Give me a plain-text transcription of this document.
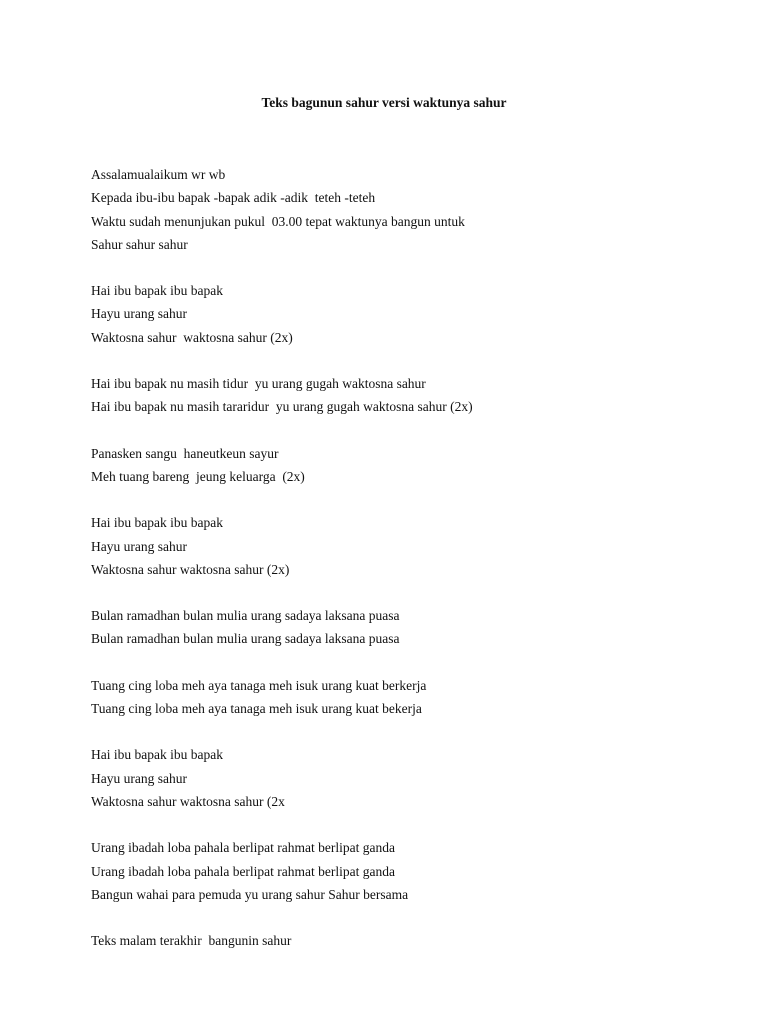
Teks bagunun sahur versi waktunya sahur
Assalamualaikum wr wb
Kepada ibu-ibu bapak -bapak adik -adik  teteh -teteh
Waktu sudah menunjukan pukul  03.00 tepat waktunya bangun untuk
Sahur sahur sahur
Hai ibu bapak ibu bapak
Hayu urang sahur
Waktosna sahur  waktosna sahur (2x)
Hai ibu bapak nu masih tidur  yu urang gugah waktosna sahur
Hai ibu bapak nu masih tararidur  yu urang gugah waktosna sahur (2x)
Panasken sangu  haneutkeun sayur
Meh tuang bareng  jeung keluarga  (2x)
Hai ibu bapak ibu bapak
Hayu urang sahur
Waktosna sahur waktosna sahur (2x)
Bulan ramadhan bulan mulia urang sadaya laksana puasa
Bulan ramadhan bulan mulia urang sadaya laksana puasa
Tuang cing loba meh aya tanaga meh isuk urang kuat berkerja
Tuang cing loba meh aya tanaga meh isuk urang kuat bekerja
Hai ibu bapak ibu bapak
Hayu urang sahur
Waktosna sahur waktosna sahur (2x
Urang ibadah loba pahala berlipat rahmat berlipat ganda
Urang ibadah loba pahala berlipat rahmat berlipat ganda
Bangun wahai para pemuda yu urang sahur Sahur bersama
Teks malam terakhir  bangunin sahur
